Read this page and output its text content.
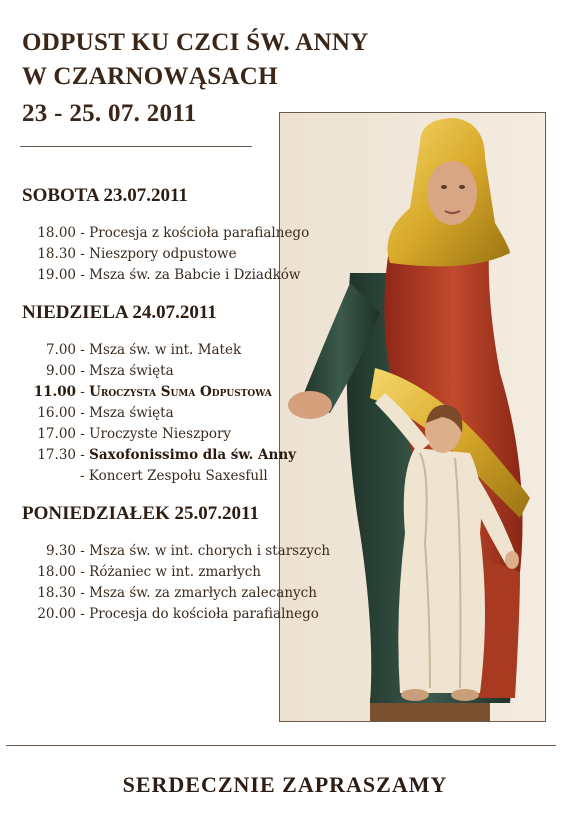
ODPUST KU CZCI ŚW. ANNY
W CZARNOWĄSACH
23 - 25. 07. 2011
SOBOTA 23.07.2011
18.00 - Procesja z kościoła parafialnego
18.30 - Nieszpory odpustowe
19.00 - Msza św. za Babcie i Dziadków
NIEDZIELA 24.07.2011
7.00 - Msza św. w int. Matek
9.00 - Msza święta
11.00 - Uroczysta Suma Odpustowa
16.00 - Msza święta
17.00 - Uroczyste Nieszpory
17.30 - Saxofonissimo dla św. Anny
- Koncert Zespołu Saxesfull
PONIEDZIAŁEK 25.07.2011
9.30 - Msza św. w int. chorych i starszych
18.00 - Różaniec w int. zmarłych
18.30 - Msza św. za zmarłych zalecanych
20.00 - Procesja do kościoła parafialnego
SERDECZNIE ZAPRASZAMY
